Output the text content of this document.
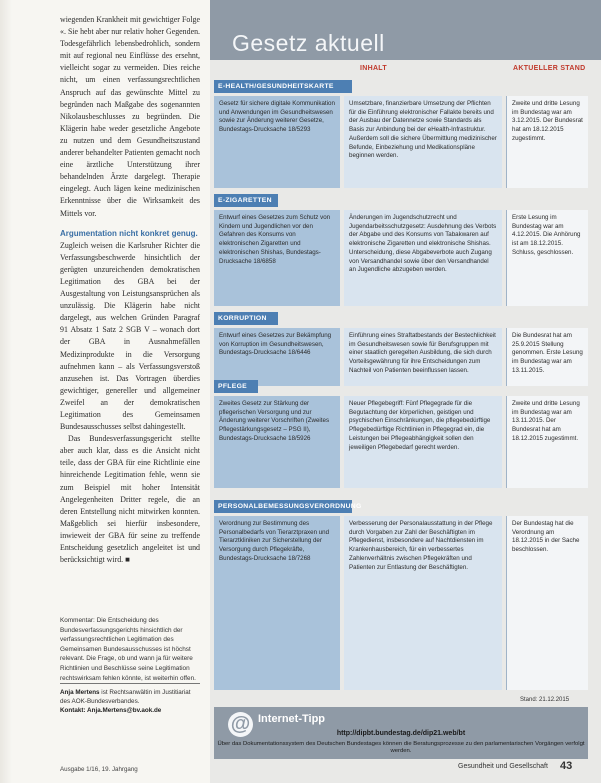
wiegenden Krankheit mit gewichtiger Folge «. Sie hebt aber nur relativ hoher Gegenden. Todesgefährlich lebensbedrohlich, sondern mit auf regional neu Einflüsse des ersehnt, vielleicht sogar zu vermeiden. Dies reiche nicht, um einen verfassungsrechtlichen Anspruch auf das gewünschte Mittel zu begründen nach Maßgabe des sogenannten Nikolausbeschlusses zu begründen. Die Klägerin habe weder gesetzliche Angebote zu nutzen und dem Gesundheitszustand anderer behandelter Patienten gemacht noch eine ärztliche Unterstützung ihrer behandelnden Ärzte dargelegt. Therapie eingelegt. Auch lägen keine medizinischen Erkenntnisse über die Wirksamkeit des Mittels vor.

Argumentation nicht konkret genug.

Zugleich weisen die Karlsruher Richter die Verfassungsbeschwerde hinsichtlich der gerügten unzureichenden demokratischen Legitimation des GBA bei der Ausgestaltung von Leistungsansprüchen als unzulässig. Die Klägerin habe nicht dargelegt, aus welchen Gründen Paragraf 91 Absatz 1 Satz 2 SGB V – wonach dort der GBA in Ausnahmefällen Medizinprodukte in die Versorgung aufnehmen kann – als Verfassungsverstoß anzusehen ist. Das Vortragen überdies gewichtiger, genereller und allgemeiner Zweifel an der demokratischen Legitimation des Gemeinsamen Bundesausschusses selbst dahingestellt.

Das Bundesverfassungsgericht stellte aber auch klar, dass es die Ansicht nicht teile, dass der GBA für eine Richtlinie eine hinreichende Legitimation fehle, wenn sie zum Beispiel mit hoher Intensität Angelegenheiten Dritter regele, die an deren Entstellung nicht mitwirken konnten. Maßgeblich sei hierfür insbesondere, inwieweit der GBA für seine zu treffende Entscheidung gesetzlich angeleitet ist und berücksichtigt wird. ■

Kommentar: Die Entscheidung des Bundesverfassungsgerichts hinsichtlich der verfassungsrechtlichen Legitimation des Gemeinsamen Bundesausschusses ist höchst relevant. Die Frage, ob und wann ja für weitere Richtlinien und Beschlüsse seine Legitimation rechtswirksam fehlen könnte, ist weiterhin offen.
Anja Mertens ist Rechtsanwältin im Justitiariat des AOK-Bundesverbandes.
Kontakt: Anja.Mertens@bv.aok.de
Gesetz aktuell
INHALT	AKTUELLER STAND
E-HEALTH/GESUNDHEITSKARTE
Gesetz für sichere digitale Kommunikation und Anwendungen im Gesundheitswesen sowie zur Änderung weiterer Gesetze, Bundestags-Drucksache 18/5293
Umsetzbare, finanzierbare Umsetzung der Pflichten für die Einführung elektronischer Fallakte bereits und der Ausbau der Datennetze sowie Standards als Basis zur Anbindung bei der eHealth-Infrastruktur. Außerdem soll die sichere Übermittlung medizinischer Befunde, Einbeziehung und Medikationspläne beginnen werden.
Zweite und dritte Lesung im Bundestag war am 3.12.2015. Der Bundesrat hat am 18.12.2015 zugestimmt.
E-ZIGARETTEN
Entwurf eines Gesetzes zum Schutz von Kindern und Jugendlichen vor den Gefahren des Konsums von elektronischen Zigaretten und elektronischen Shishas, Bundestags-Drucksache 18/6858
Änderungen im Jugendschutzrecht und Jugendarbeitsschutzgesetz: Ausdehnung des Verbots der Abgabe und des Konsums von Tabakwaren auf elektronische Zigaretten und elektronische Shishas. Unterscheidung, diese Abgabeverbote auch Zugang von Versandhandel sowie über den Versandhandel an Jugendliche abzugeben werden.
Erste Lesung im Bundestag war am 4.12.2015. Die Anhörung ist am 18.12.2015. Schluss, geschlossen.
KORRUPTION
Entwurf eines Gesetzes zur Bekämpfung von Korruption im Gesundheitswesen, Bundestags-Drucksache 18/6446
Einführung eines Straftatbestands der Bestechlichkeit im Gesundheitswesen sowie für Berufsgruppen mit einer staatlich geregelten Ausbildung, die sich durch Vorteilsgewährung für ihre Entscheidungen zum Nachteil von Patienten beeinflussen lassen.
Die Bundesrat hat am 25.9.2015 Stellung genommen. Erste Lesung im Bundestag war am 13.11.2015.
PFLEGE
Zweites Gesetz zur Stärkung der pflegerischen Versorgung und zur Änderung weiterer Vorschriften (Zweites Pflegestärkungsgesetz – PSG II), Bundestags-Drucksache 18/5926
Neuer Pflegebegriff: Fünf Pflegegrade für die Begutachtung der körperlichen, geistigen und psychischen Einschränkungen, die pflegebedürftige Pflegebedürftige Richtlinien in Pflegegrad ein, die Leistungen bei Pflegeabhängigkeit sollen den jeweiligen Pflegebedarf gerecht werden.
Zweite und dritte Lesung im Bundestag war am 13.11.2015. Der Bundesrat hat am 18.12.2015 zugestimmt.
PERSONALBEMESSUNGSVERORDNUNG
Verordnung zur Bestimmung des Personalbedarfs von Tierarztpraxen und Tierarztkliniken zur Sicherstellung der Versorgung durch Pflegekräfte, Bundestags-Drucksache 18/7268
Verbesserung der Personalausstattung in der Pflege durch Vorgaben zur Zahl der Beschäftigten im Pflegedienst, insbesondere auf Nachtdiensten im Krankenhausbereich, für ein verbessertes Zahlenverhältnis zwischen Pflegekräften und Patienten zur Entlastung der Beschäftigten.
Der Bundestag hat die Verordnung am 18.12.2015 in der Sache beschlossen.
Stand: 21.12.2015
@ Internet-Tipp
http://dipbt.bundestag.de/dip21.web/bt
Über das Dokumentationssystem des Deutschen Bundestages können die Beratungsprozesse zu den parlamentarischen Vorgängen verfolgt werden.
Ausgabe 1/16, 19. Jahrgang	Gesundheit und Gesellschaft 43
